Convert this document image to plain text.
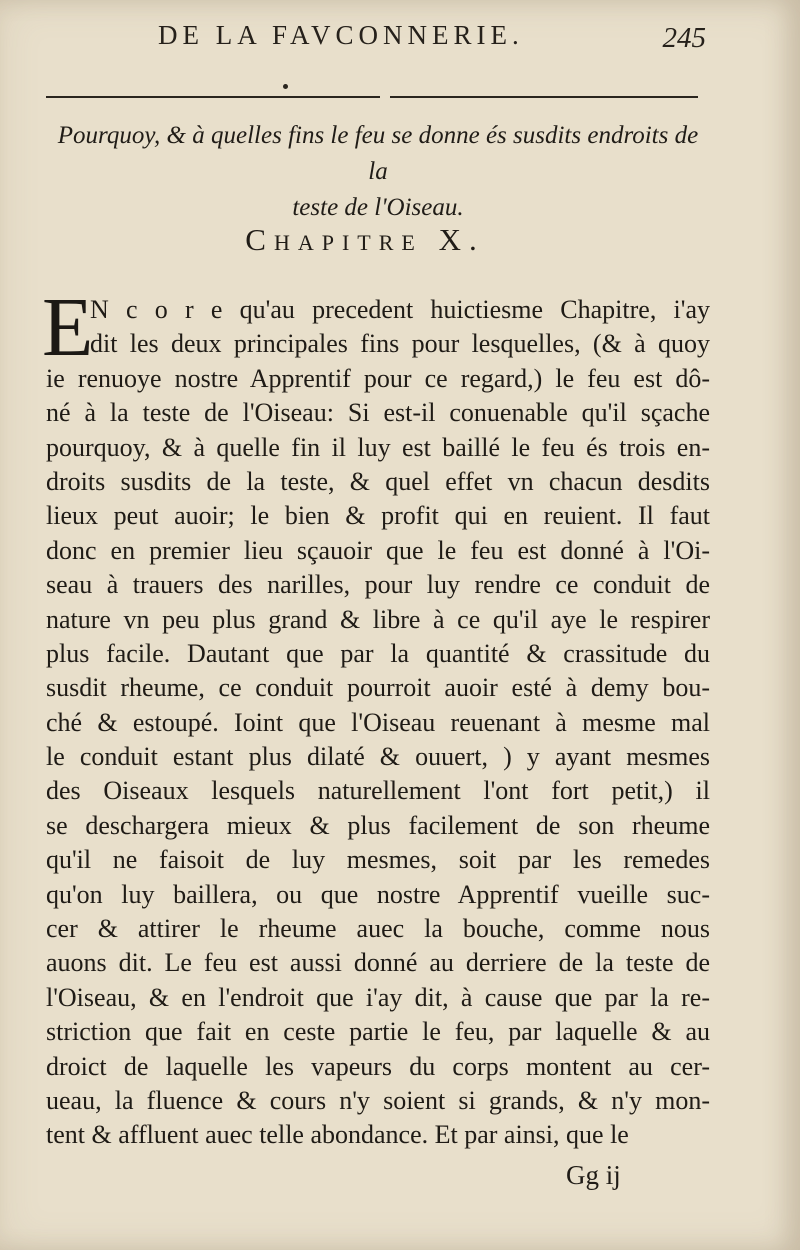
DE LA FAVCONNERIE.	245
Pourquoy, & à quelles fins le feu se donne és susdits endroits de la
teste de l'Oiseau.
Chapitre X.
E
N c o r e qu'au precedent huictiesme Chapitre, i'ay
dit les deux principales fins pour lesquelles, (& à quoy
ie renuoye nostre Apprentif pour ce regard,) le feu est dô-
né à la teste de l'Oiseau: Si est-il conuenable qu'il sçache
pourquoy, & à quelle fin il luy est baillé le feu és trois en-
droits susdits de la teste, & quel effet vn chacun desdits
lieux peut auoir; le bien & profit qui en reuient. Il faut
donc en premier lieu sçauoir que le feu est donné à l'Oi-
seau à trauers des narilles, pour luy rendre ce conduit de
nature vn peu plus grand & libre à ce qu'il aye le respirer
plus facile. Dautant que par la quantité & crassitude du
susdit rheume, ce conduit pourroit auoir esté à demy bou-
ché & estoupé. Ioint que l'Oiseau reuenant à mesme mal
le conduit estant plus dilaté & ouuert, ) y ayant mesmes
des Oiseaux lesquels naturellement l'ont fort petit,) il
se deschargera mieux & plus facilement de son rheume
qu'il ne faisoit de luy mesmes, soit par les remedes
qu'on luy baillera, ou que nostre Apprentif vueille suc-
cer & attirer le rheume auec la bouche, comme nous
auons dit. Le feu est aussi donné au derriere de la teste de
l'Oiseau, & en l'endroit que i'ay dit, à cause que par la re-
striction que fait en ceste partie le feu, par laquelle & au
droict de laquelle les vapeurs du corps montent au cer-
ueau, la fluence & cours n'y soient si grands, & n'y mon-
tent & affluent auec telle abondance. Et par ainsi, que le
Gg ij
